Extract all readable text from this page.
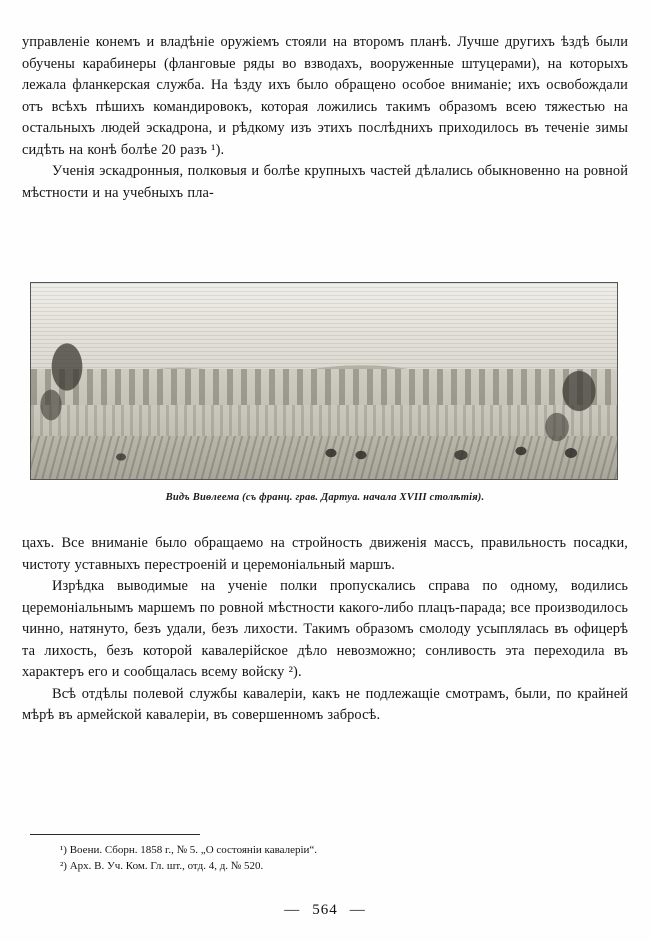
управленіе конемъ и владѣніе оружіемъ стояли на второмъ планѣ. Лучше другихъ ѣздѣ были обучены карабинеры (фланговые ряды во взводахъ, вооруженные штуцерами), на которыхъ лежала фланкерская служба. На ѣзду ихъ было обращено особое вниманіе; ихъ освобождали отъ всѣхъ пѣшихъ командировокъ, которая ложились такимъ образомъ всею тяжестью на остальныхъ людей эскадрона, и рѣдкому изъ этихъ послѣднихъ приходилось въ теченіе зимы сидѣть на конѣ болѣе 20 разъ ¹).

Ученія эскадронныя, полковыя и болѣе крупныхъ частей дѣлались обыкновенно на ровной мѣстности и на учебныхъ пла-

Видъ Виѳлеема (съ франц. грав. Дартуа. начала XVIII столѣтія).

цахъ. Все вниманіе было обращаемо на стройность движенія массъ, правильность посадки, чистоту уставныхъ перестроеній и церемоніальный маршъ.

Изрѣдка выводимые на ученіе полки пропускались справа по одному, водились церемоніальнымъ маршемъ по ровной мѣстности какого-либо плацъ-парада; все производилось чинно, натянуто, безъ удали, безъ лихости. Такимъ образомъ смолоду усыплялась въ офицерѣ та лихость, безъ которой кавалерійское дѣло невозможно; сонливость эта переходила въ характеръ его и сообщалась всему войску ²).

Всѣ отдѣлы полевой службы кавалеріи, какъ не подлежащіе смотрамъ, были, по крайней мѣрѣ въ армейской кавалеріи, въ совершенномъ забросѣ.

¹) Воени. Сборн. 1858 г., № 5. „О состояніи кавалеріи“.
²) Арх. В. Уч. Ком. Гл. шт., отд. 4, д. № 520.
— 564 —
